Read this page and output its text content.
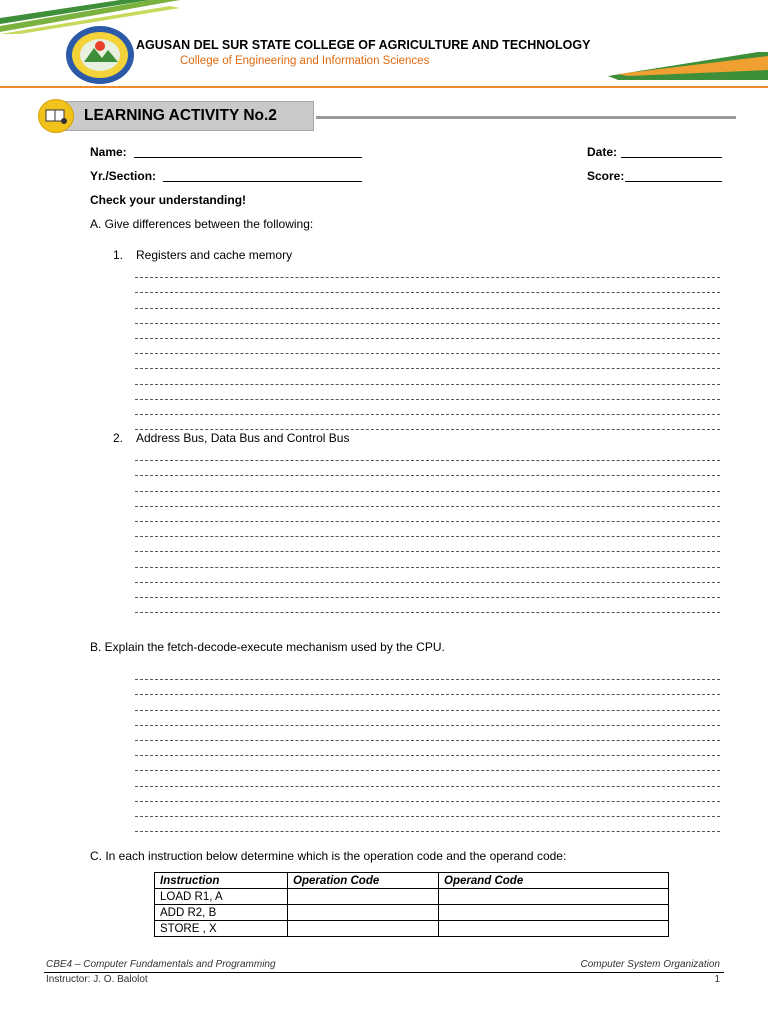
AGUSAN DEL SUR STATE COLLEGE OF AGRICULTURE AND TECHNOLOGY
College of Engineering and Information Sciences
LEARNING ACTIVITY No.2
Name:	Date:
Yr./Section:	Score:
Check your understanding!
A. Give differences between the following:
1. Registers and cache memory
2. Address Bus, Data Bus and Control Bus
B. Explain the fetch-decode-execute mechanism used by the CPU.
C. In each instruction below determine which is the operation code and the operand code:
Instruction	Operation Code	Operand Code
LOAD R1, A		
ADD R2, B		
STORE , X		
CBE4 – Computer Fundamentals and Programming	Computer System Organization
Instructor: J. O. Balolot	1
